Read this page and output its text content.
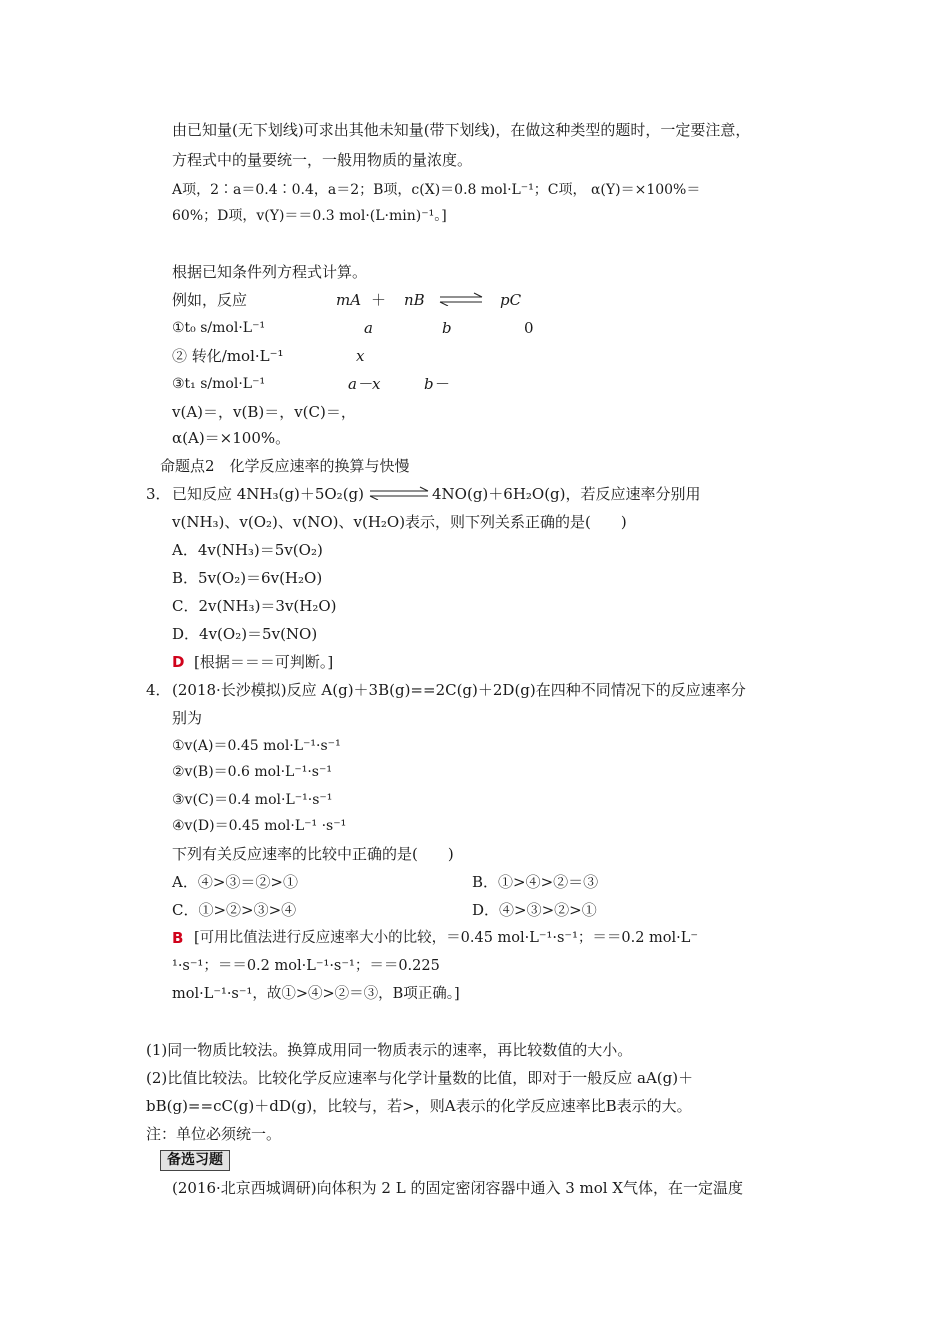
由已知量(无下划线)可求出其他未知量(带下划线)，在做这种类型的题时，一定要注意，
方程式中的量要统一，一般用物质的量浓度。
A项，2∶a＝0.4∶0.4，a＝2；B项，c(X)＝0.8 mol·L⁻¹；C项， α(Y)＝×100%＝
60%；D项，v(Y)＝＝0.3 mol·(L·min)⁻¹。]
根据已知条件列方程式计算。
例如，反应	mA ＋ nB ⇌ pC
①t₀ s/mol·L⁻¹	a	b	0
② 转化/mol·L⁻¹	x
③t₁ s/mol·L⁻¹	a－x	b－
v(A)＝，v(B)＝，v(C)＝，
α(A)＝×100%。
命题点2　化学反应速率的换算与快慢
3． 已知反应 4NH₃(g)＋5O₂(g)	4NO(g)＋6H₂O(g)，若反应速率分别用
v(NH₃)、v(O₂)、v(NO)、v(H₂O)表示，则下列关系正确的是(　　)
A．4v(NH₃)＝5v(O₂)
B．5v(O₂)＝6v(H₂O)
C．2v(NH₃)＝3v(H₂O)
D．4v(O₂)＝5v(NO)
D [根据＝＝＝可判断。]
4． (2018·长沙模拟)反应 A(g)＋3B(g)==2C(g)＋2D(g)在四种不同情况下的反应速率分
别为
①v(A)＝0.45 mol·L⁻¹·s⁻¹
②v(B)＝0.6 mol·L⁻¹·s⁻¹
③v(C)＝0.4 mol·L⁻¹·s⁻¹
④v(D)＝0.45 mol·L⁻¹ ·s⁻¹
下列有关反应速率的比较中正确的是(　　)
A．④>③＝②>①	B．①>④>②＝③
C．①>②>③>④	D．④>③>②>①
B [可用比值法进行反应速率大小的比较，＝0.45 mol·L⁻¹·s⁻¹；＝＝0.2 mol·L⁻
¹·s⁻¹；＝＝0.2 mol·L⁻¹·s⁻¹；＝＝0.225
mol·L⁻¹·s⁻¹，故①>④>②＝③，B项正确。]
(1)同一物质比较法。换算成用同一物质表示的速率，再比较数值的大小。
(2)比值比较法。比较化学反应速率与化学计量数的比值，即对于一般反应 aA(g)＋
bB(g)==cC(g)＋dD(g)，比较与，若>，则A表示的化学反应速率比B表示的大。
注：单位必须统一。
备选习题
(2016·北京西城调研)向体积为 2 L 的固定密闭容器中通入 3 mol X气体，在一定温度
